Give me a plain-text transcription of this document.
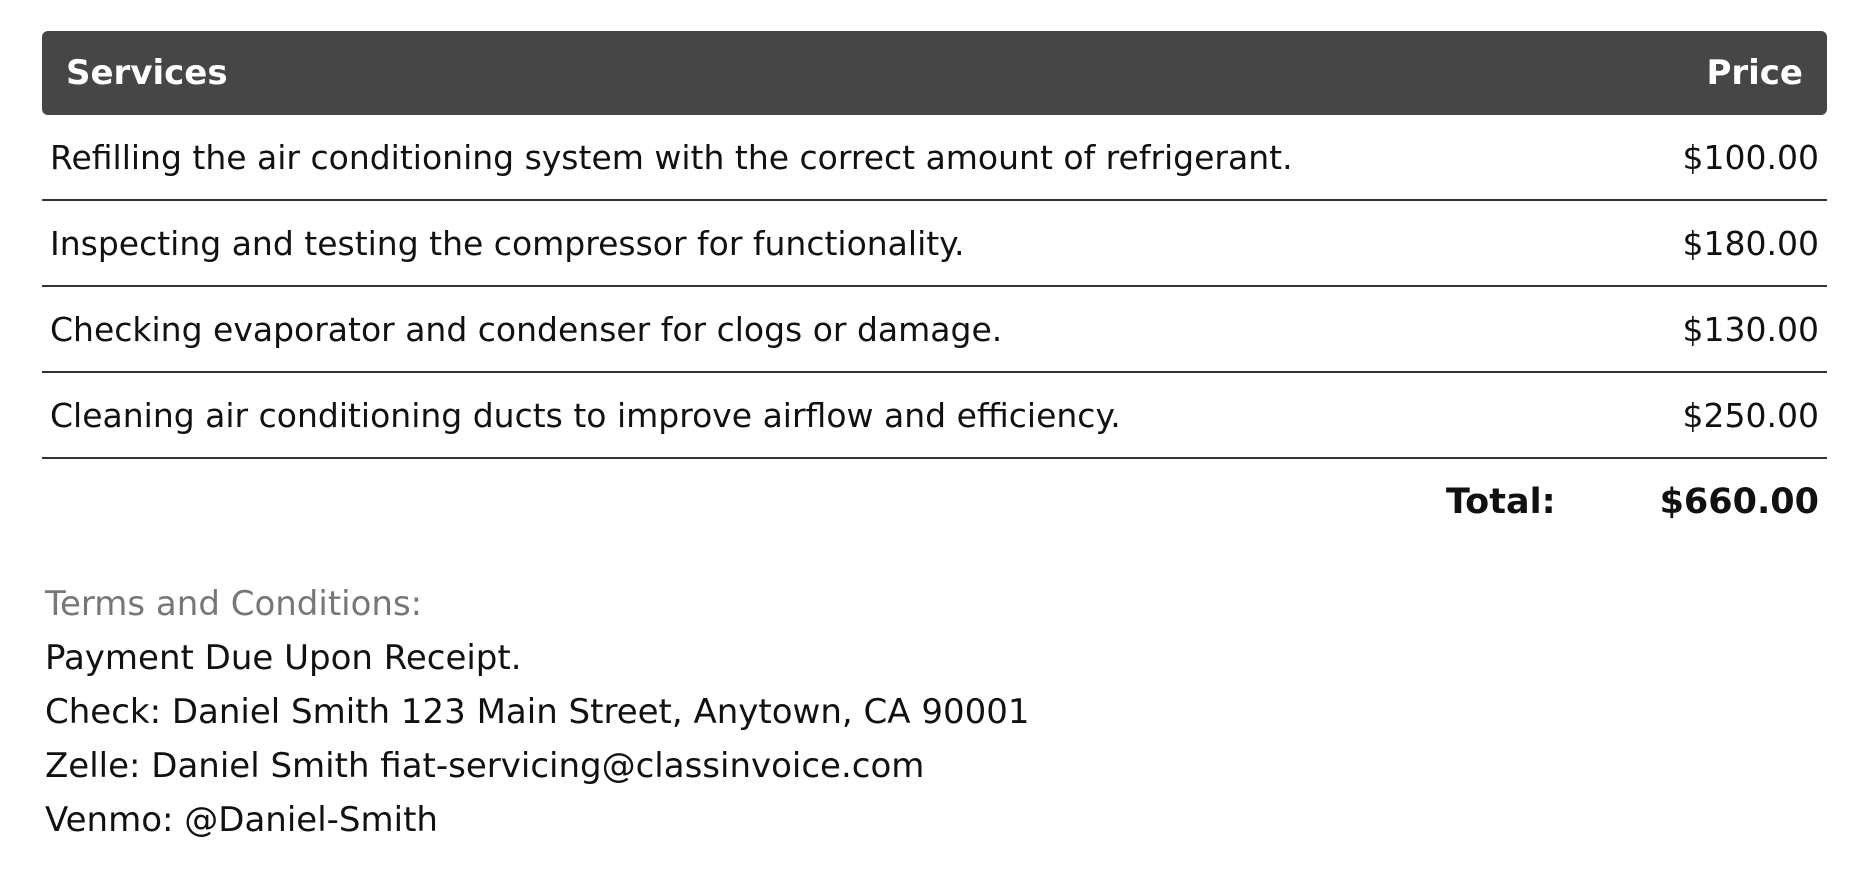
Services	Price
Refilling the air conditioning system with the correct amount of refrigerant.	$100.00
Inspecting and testing the compressor for functionality.	$180.00
Checking evaporator and condenser for clogs or damage.	$130.00
Cleaning air conditioning ducts to improve airflow and efficiency.	$250.00
Total:	$660.00
Terms and Conditions:
Payment Due Upon Receipt.
Check: Daniel Smith 123 Main Street, Anytown, CA 90001
Zelle: Daniel Smith fiat-servicing@classinvoice.com
Venmo: @Daniel-Smith
